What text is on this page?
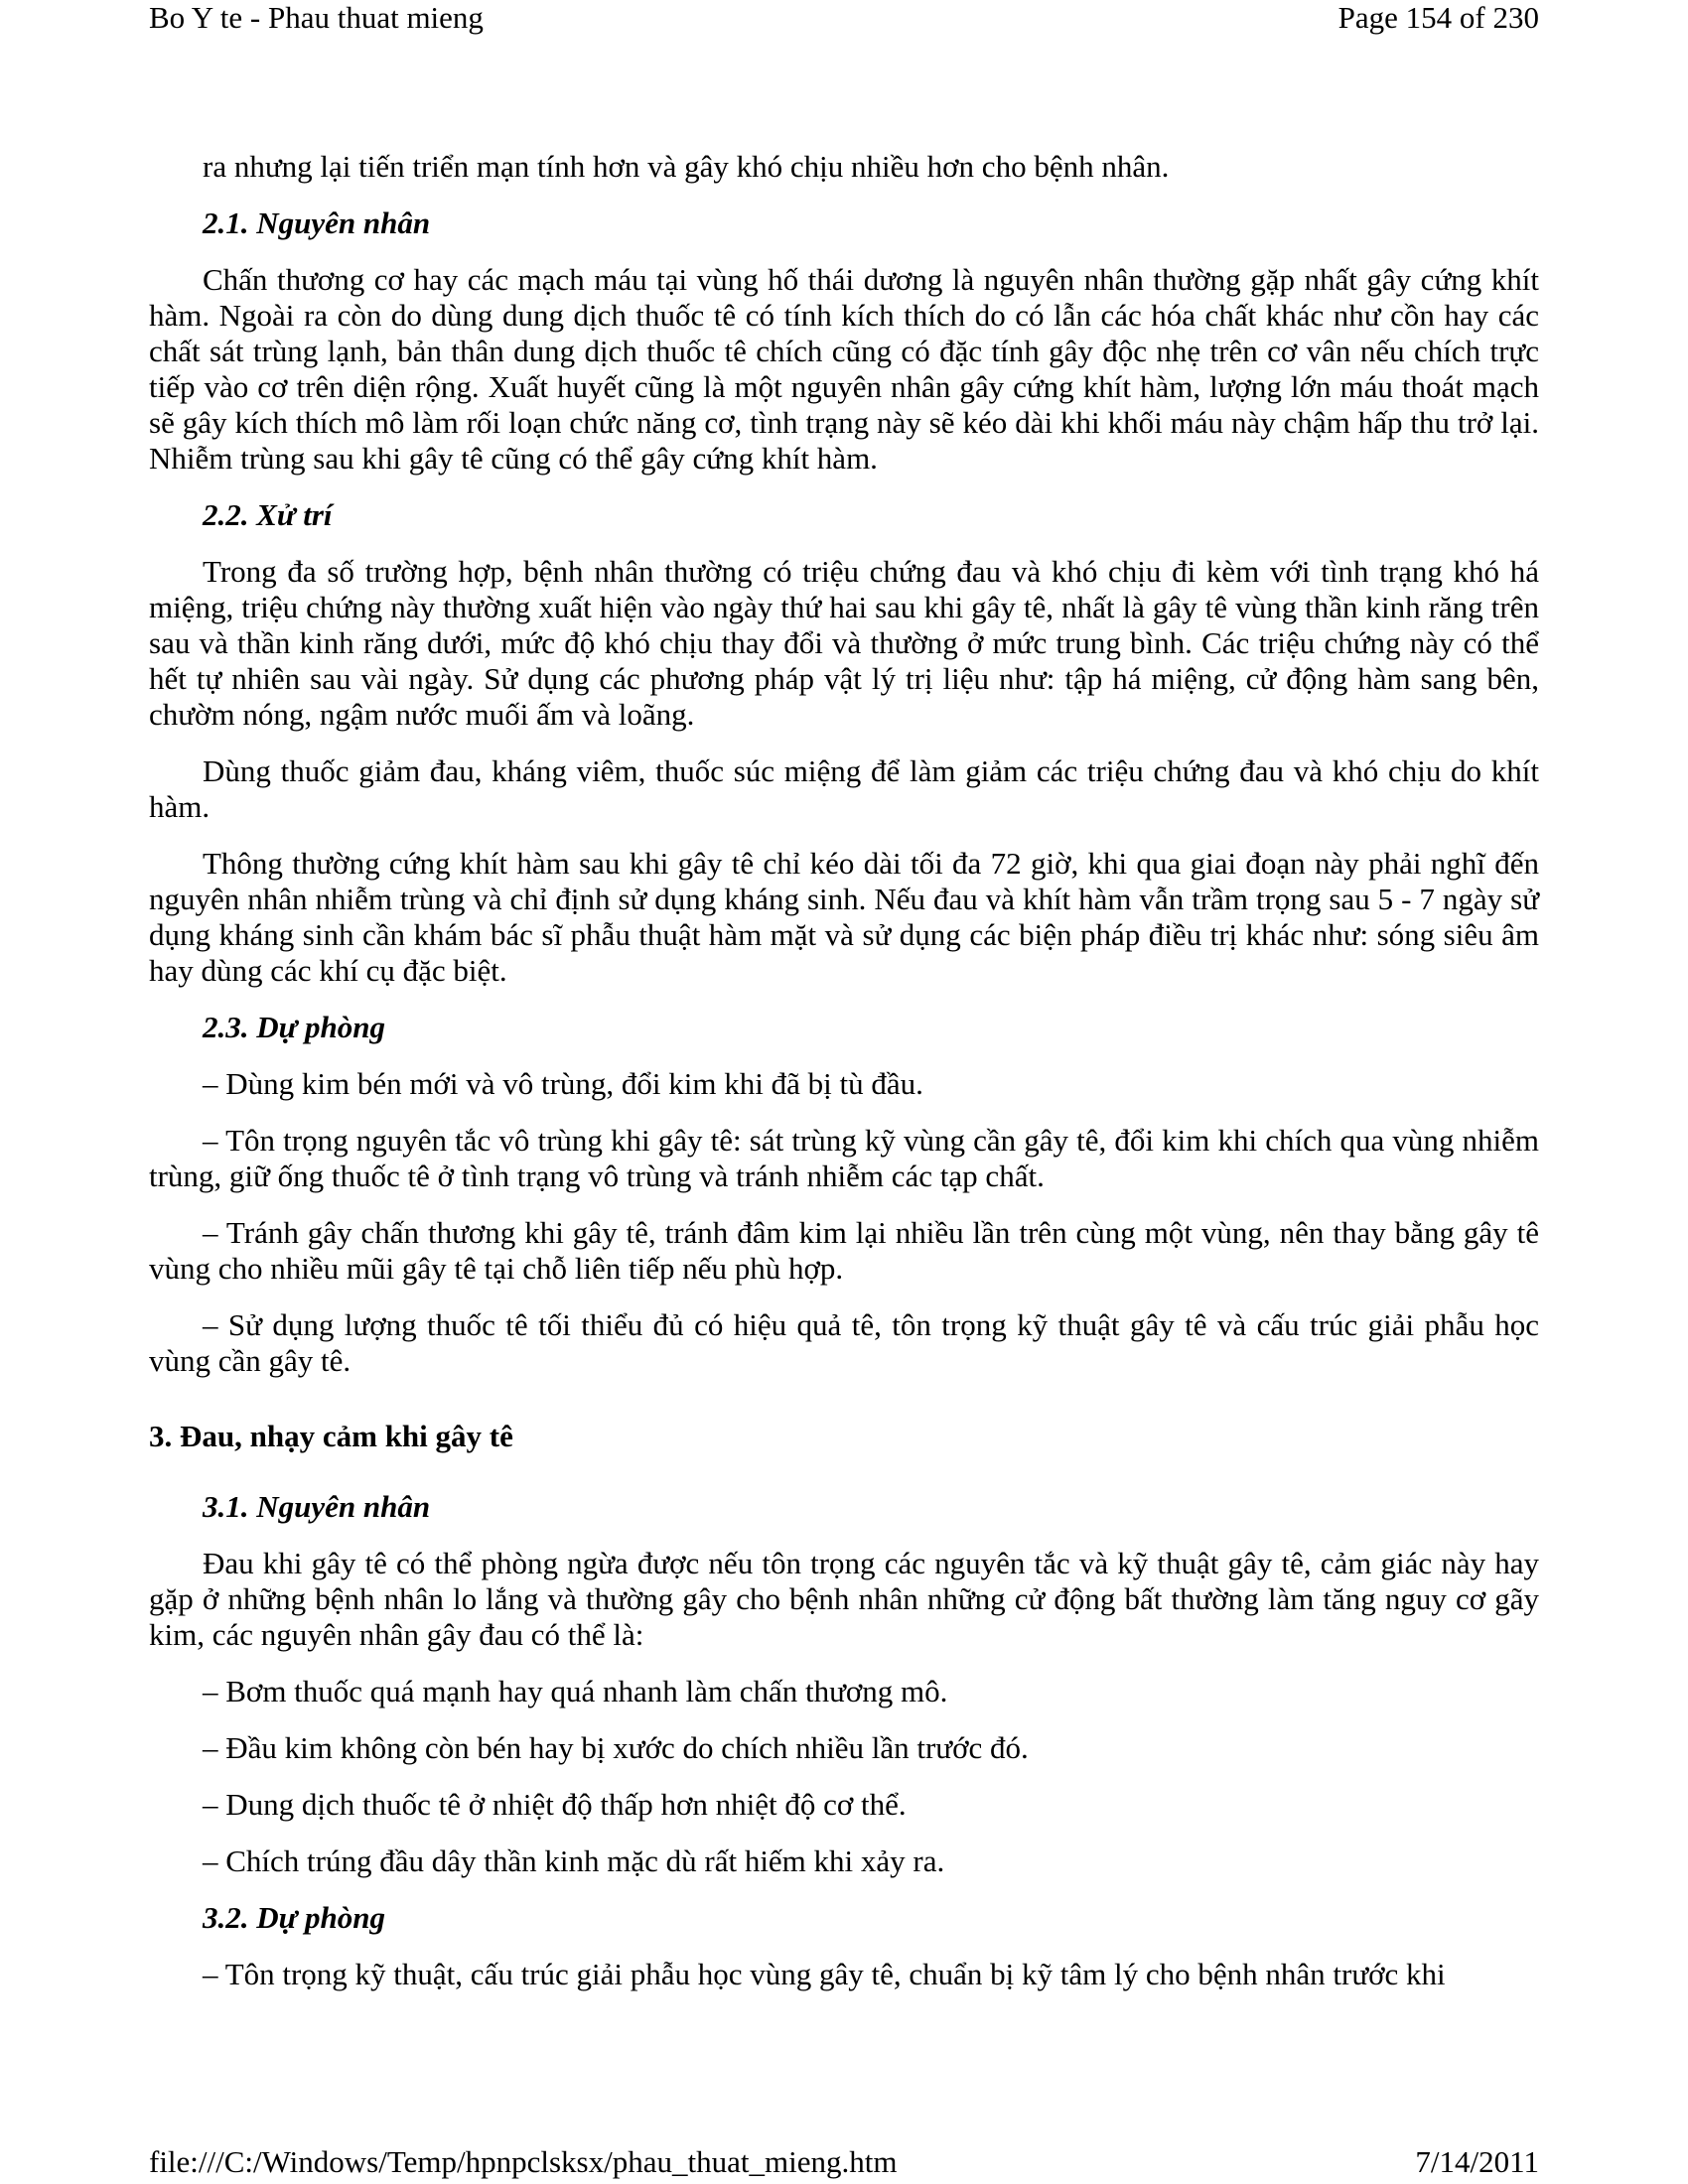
Bo Y te - Phau thuat mieng	Page 154 of 230

ra nhưng lại tiến triển mạn tính hơn và gây khó chịu nhiều hơn cho bệnh nhân.

2.1. Nguyên nhân

Chấn thương cơ hay các mạch máu tại vùng hố thái dương là nguyên nhân thường gặp nhất gây cứng khít hàm. Ngoài ra còn do dùng dung dịch thuốc tê có tính kích thích do có lẫn các hóa chất khác như cồn hay các chất sát trùng lạnh, bản thân dung dịch thuốc tê chích cũng có đặc tính gây độc nhẹ trên cơ vân nếu chích trực tiếp vào cơ trên diện rộng. Xuất huyết cũng là một nguyên nhân gây cứng khít hàm, lượng lớn máu thoát mạch sẽ gây kích thích mô làm rối loạn chức năng cơ, tình trạng này sẽ kéo dài khi khối máu này chậm hấp thu trở lại. Nhiễm trùng sau khi gây tê cũng có thể gây cứng khít hàm.

2.2. Xử trí

Trong đa số trường hợp, bệnh nhân thường có triệu chứng đau và khó chịu đi kèm với tình trạng khó há miệng, triệu chứng này thường xuất hiện vào ngày thứ hai sau khi gây tê, nhất là gây tê vùng thần kinh răng trên sau và thần kinh răng dưới, mức độ khó chịu thay đổi và thường ở mức trung bình. Các triệu chứng này có thể hết tự nhiên sau vài ngày. Sử dụng các phương pháp vật lý trị liệu như: tập há miệng, cử động hàm sang bên, chườm nóng, ngậm nước muối ấm và loãng.

Dùng thuốc giảm đau, kháng viêm, thuốc súc miệng để làm giảm các triệu chứng đau và khó chịu do khít hàm.

Thông thường cứng khít hàm sau khi gây tê chỉ kéo dài tối đa 72 giờ, khi qua giai đoạn này phải nghĩ đến nguyên nhân nhiễm trùng và chỉ định sử dụng kháng sinh. Nếu đau và khít hàm vẫn trầm trọng sau 5 - 7 ngày sử dụng kháng sinh cần khám bác sĩ phẫu thuật hàm mặt và sử dụng các biện pháp điều trị khác như: sóng siêu âm hay dùng các khí cụ đặc biệt.

2.3. Dự phòng

– Dùng kim bén mới và vô trùng, đổi kim khi đã bị tù đầu.

– Tôn trọng nguyên tắc vô trùng khi gây tê: sát trùng kỹ vùng cần gây tê, đổi kim khi chích qua vùng nhiễm trùng, giữ ống thuốc tê ở tình trạng vô trùng và tránh nhiễm các tạp chất.

– Tránh gây chấn thương khi gây tê, tránh đâm kim lại nhiều lần trên cùng một vùng, nên thay bằng gây tê vùng cho nhiều mũi gây tê tại chỗ liên tiếp nếu phù hợp.

– Sử dụng lượng thuốc tê tối thiểu đủ có hiệu quả tê, tôn trọng kỹ thuật gây tê và cấu trúc giải phẫu học vùng cần gây tê.

3. Đau, nhạy cảm khi gây tê

3.1. Nguyên nhân

Đau khi gây tê có thể phòng ngừa được nếu tôn trọng các nguyên tắc và kỹ thuật gây tê, cảm giác này hay gặp ở những bệnh nhân lo lắng và thường gây cho bệnh nhân những cử động bất thường làm tăng nguy cơ gãy kim, các nguyên nhân gây đau có thể là:

– Bơm thuốc quá mạnh hay quá nhanh làm chấn thương mô.

– Đầu kim không còn bén hay bị xước do chích nhiều lần trước đó.

– Dung dịch thuốc tê ở nhiệt độ thấp hơn nhiệt độ cơ thể.

– Chích trúng đầu dây thần kinh mặc dù rất hiếm khi xảy ra.

3.2. Dự phòng

– Tôn trọng kỹ thuật, cấu trúc giải phẫu học vùng gây tê, chuẩn bị kỹ tâm lý cho bệnh nhân trước khi

file:///C:/Windows/Temp/hpnpclsksx/phau_thuat_mieng.htm	7/14/2011
